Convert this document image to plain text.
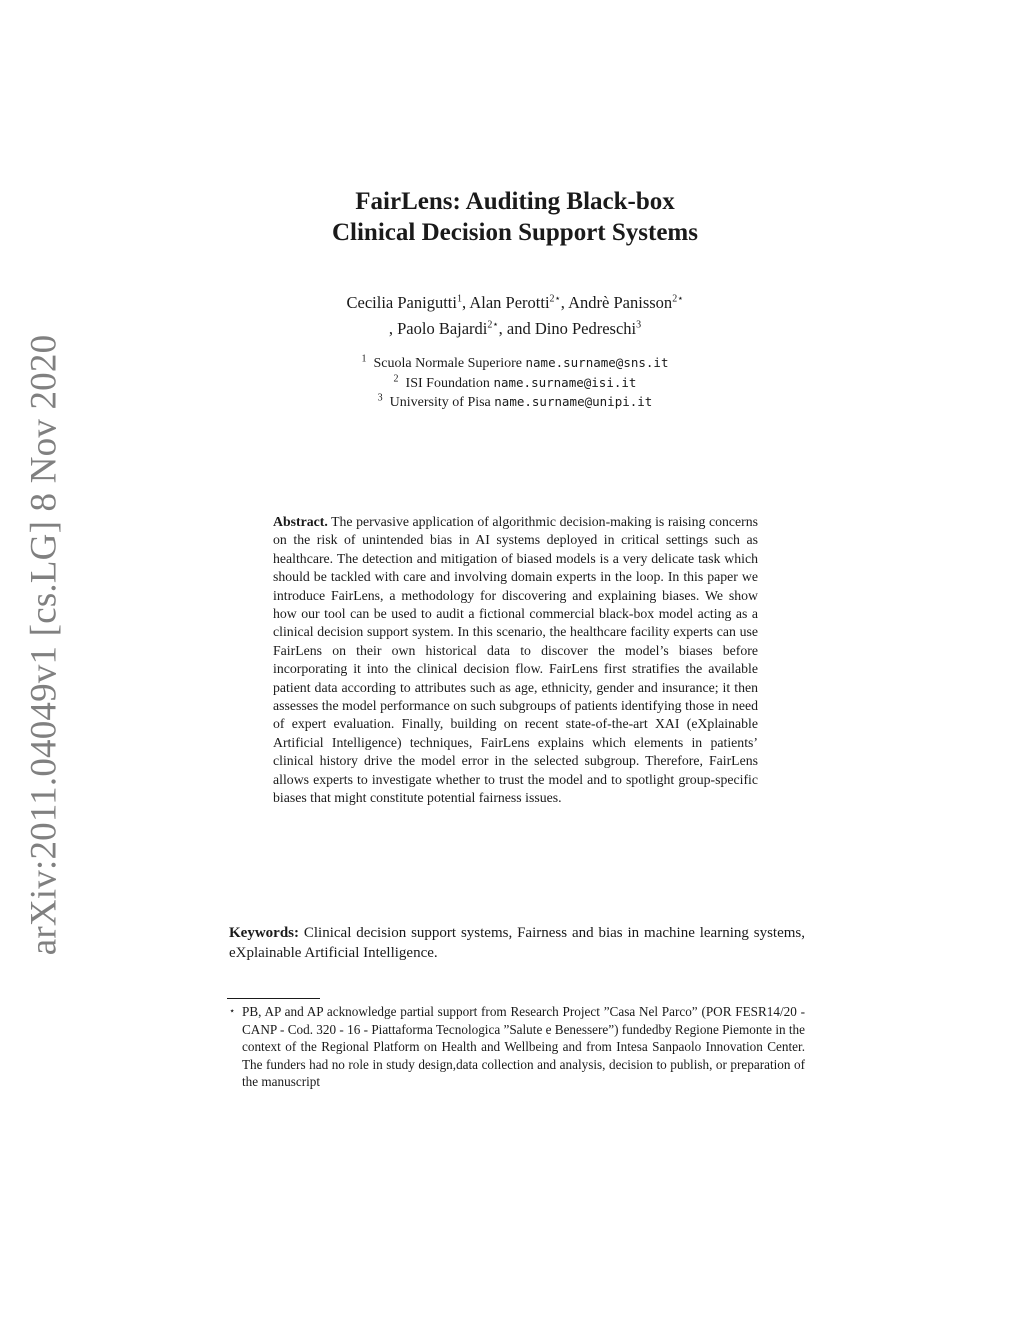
arXiv:2011.04049v1 [cs.LG] 8 Nov 2020
FairLens: Auditing Black-box
Clinical Decision Support Systems
Cecilia Panigutti$^1$, Alan Perotti$^{2⋆}$, Andrè Panisson$^{2⋆}$
, Paolo Bajardi$^{2⋆}$, and Dino Pedreschi$^3$
$^1$ Scuola Normale Superiore name.surname@sns.it
$^2$ ISI Foundation name.surname@isi.it
$^3$ University of Pisa name.surname@unipi.it
Abstract. The pervasive application of algorithmic decision-making is raising concerns on the risk of unintended bias in AI systems deployed in critical settings such as healthcare. The detection and mitigation of biased models is a very delicate task which should be tackled with care and involving domain experts in the loop. In this paper we introduce FairLens, a methodology for discovering and explaining biases. We show how our tool can be used to audit a fictional commercial black-box model acting as a clinical decision support system. In this scenario, the healthcare facility experts can use FairLens on their own historical data to discover the model’s biases before incorporating it into the clinical decision flow. FairLens first stratifies the available patient data according to attributes such as age, ethnicity, gender and insurance; it then assesses the model performance on such subgroups of patients identifying those in need of expert evaluation. Finally, building on recent state-of-the-art XAI (eXplainable Artificial Intelligence) techniques, FairLens explains which elements in patients’ clinical history drive the model error in the selected subgroup. Therefore, FairLens allows experts to investigate whether to trust the model and to spotlight group-specific biases that might constitute potential fairness issues.
Keywords: Clinical decision support systems, Fairness and bias in machine learning systems, eXplainable Artificial Intelligence.
⋆ PB, AP and AP acknowledge partial support from Research Project ”Casa Nel Parco” (POR FESR14/20 - CANP - Cod. 320 - 16 - Piattaforma Tecnologica ”Salute e Benessere”) fundedby Regione Piemonte in the context of the Regional Platform on Health and Wellbeing and from Intesa Sanpaolo Innovation Center. The funders had no role in study design,data collection and analysis, decision to publish, or preparation of the manuscript
